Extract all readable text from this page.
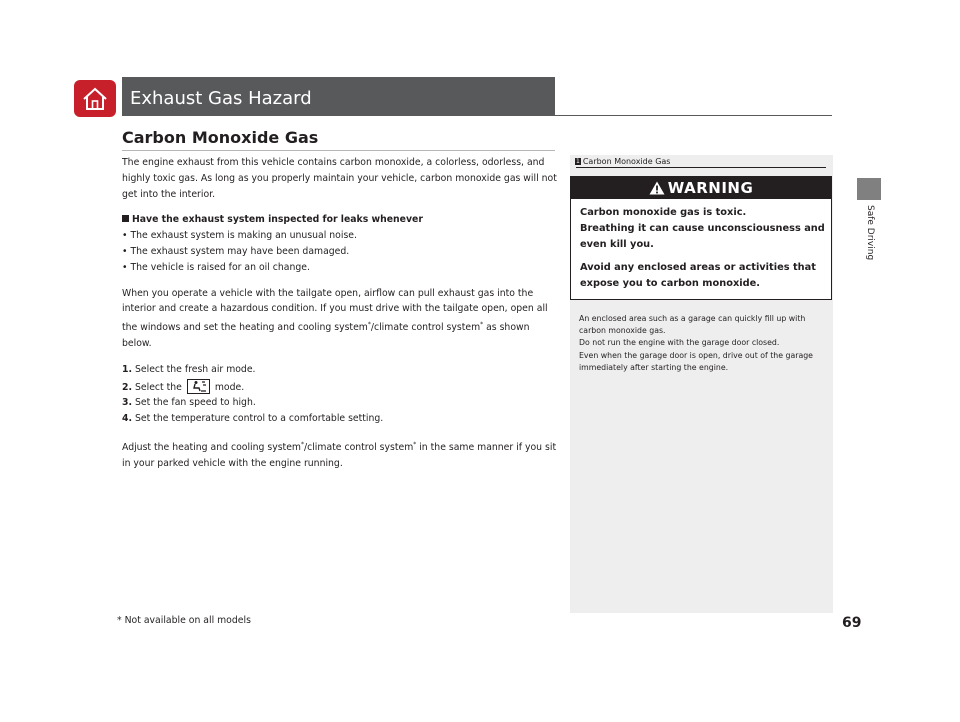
Exhaust Gas Hazard
Safe Driving
Carbon Monoxide Gas

The engine exhaust from this vehicle contains carbon monoxide, a colorless, odorless, and highly toxic gas. As long as you properly maintain your vehicle, carbon monoxide gas will not get into the interior.

Have the exhaust system inspected for leaks whenever

• The exhaust system is making an unusual noise.

• The exhaust system may have been damaged.

• The vehicle is raised for an oil change.

When you operate a vehicle with the tailgate open, airflow can pull exhaust gas into the interior and create a hazardous condition. If you must drive with the tailgate open, open all the windows and set the heating and cooling system*/climate control system* as shown below.

1. Select the fresh air mode.

2. Select the	mode.

3. Set the fan speed to high.

4. Set the temperature control to a comfortable setting.

Adjust the heating and cooling system*/climate control system* in the same manner if you sit in your parked vehicle with the engine running.

1 Carbon Monoxide Gas
WARNING

Carbon monoxide gas is toxic.

Breathing it can cause unconsciousness and even kill you.

Avoid any enclosed areas or activities that expose you to carbon monoxide.

An enclosed area such as a garage can quickly fill up with carbon monoxide gas.

Do not run the engine with the garage door closed.

Even when the garage door is open, drive out of the garage immediately after starting the engine.

* Not available on all models	69
